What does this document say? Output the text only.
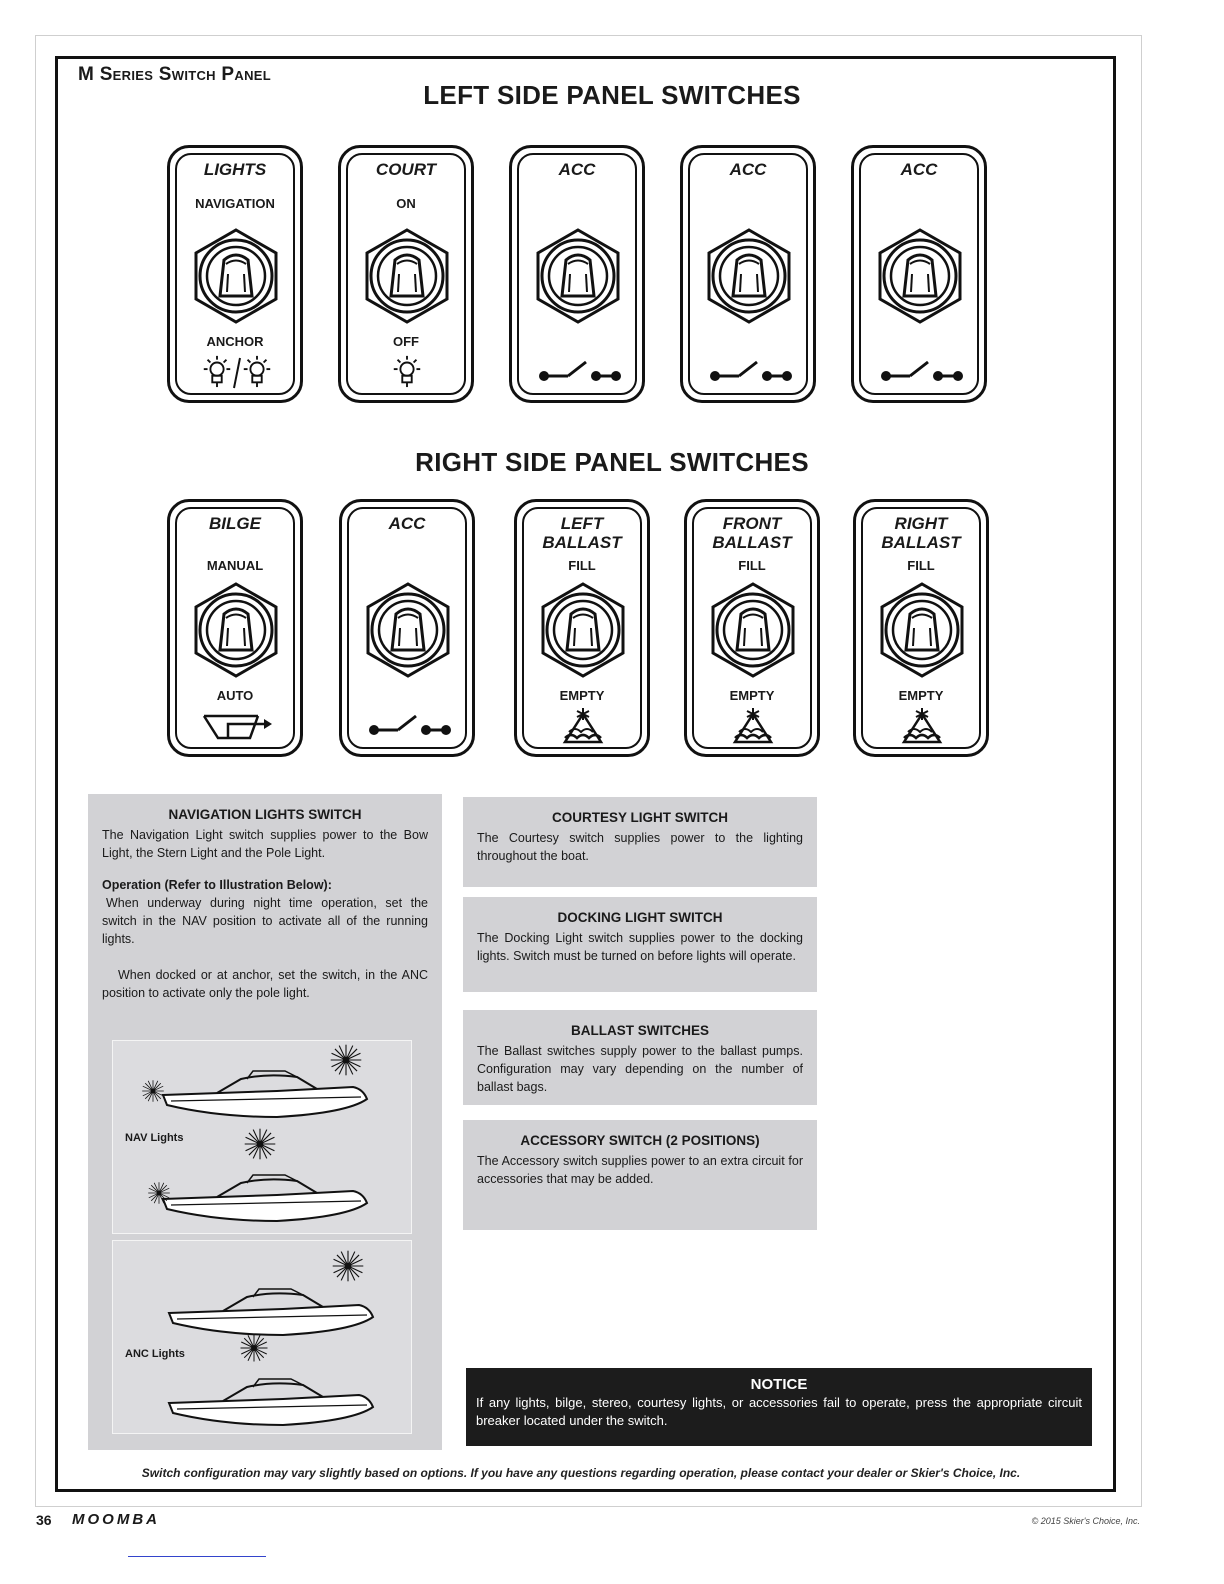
M Series Switch Panel
LEFT SIDE PANEL SWITCHES
RIGHT SIDE PANEL SWITCHES
LIGHTS
NAVIGATION
ANCHOR
COURT
ON
OFF
ACC	ACC	ACC
BILGE
MANUAL
AUTO
ACC	LEFT
BALLAST
FILL
EMPTY
FRONT
BALLAST
FILL
EMPTY
RIGHT
BALLAST
FILL
EMPTY
NAVIGATION LIGHTS SWITCH

The Navigation Light switch supplies power to the Bow Light, the Stern Light and the Pole Light.

Operation (Refer to Illustration Below):

When underway during night time operation, set the switch in the NAV position to activate all of the running lights.

When docked or at anchor, set the switch, in the ANC position to activate only the pole light.

NAV Lights
ANC Lights
COURTESY LIGHT SWITCH

The Courtesy switch supplies power to the lighting throughout the boat.

DOCKING LIGHT SWITCH

The Docking Light switch supplies power to the docking lights. Switch must be turned on before lights will operate.

BALLAST SWITCHES

The Ballast switches supply power to the ballast pumps. Configuration may vary depending on the number of ballast bags.

ACCESSORY SWITCH (2 POSITIONS)

The Accessory switch supplies power to an extra circuit for accessories that may be added.

NOTICE

If any lights, bilge, stereo, courtesy lights, or accessories fail to operate, press the appropriate circuit breaker located under the switch.

Switch configuration may vary slightly based on options. If you have any questions regarding operation, please contact your dealer or Skier's Choice, Inc.
36 MOOMBA	© 2015 Skier's Choice, Inc.
